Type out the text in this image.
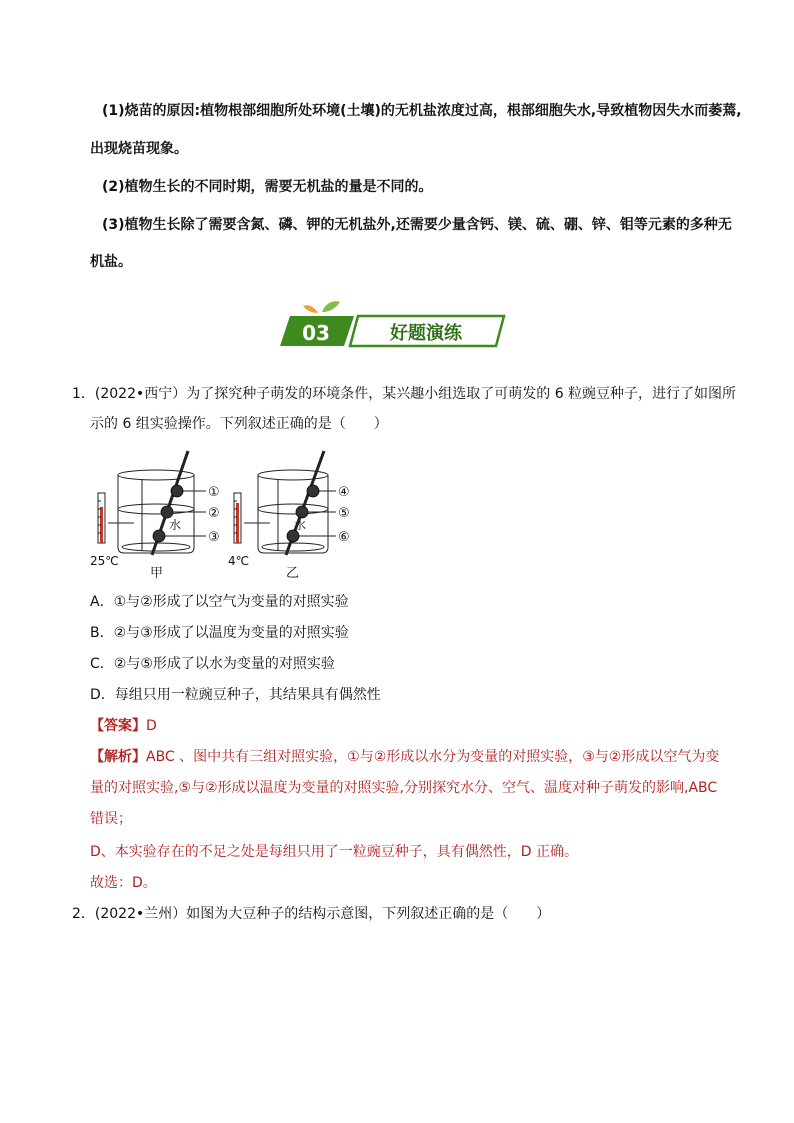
(1)烧苗的原因:植物根部细胞所处环境(土壤)的无机盐浓度过高，根部细胞失水,导致植物因失水而萎蔫,
出现烧苗现象。
(2)植物生长的不同时期，需要无机盐的量是不同的。
(3)植物生长除了需要含氮、磷、钾的无机盐外,还需要少量含钙、镁、硫、硼、锌、钼等元素的多种无
机盐。
03	好题演练
1．(2022•西宁）为了探究种子萌发的环境条件，某兴趣小组选取了可萌发的 6 粒豌豆种子，进行了如图所
示的 6 组实验操作。下列叙述正确的是（　　）
①
②
③
④
⑤
⑥
水	水
25℃	4℃
甲	乙
A．①与②形成了以空气为变量的对照实验
B．②与③形成了以温度为变量的对照实验
C．②与⑤形成了以水为变量的对照实验
D．每组只用一粒豌豆种子，其结果具有偶然性
【答案】D
【解析】ABC 、图中共有三组对照实验，①与②形成以水分为变量的对照实验，③与②形成以空气为变
量的对照实验,⑤与②形成以温度为变量的对照实验,分别探究水分、空气、温度对种子萌发的影响,ABC
错误；
D、本实验存在的不足之处是每组只用了一粒豌豆种子，具有偶然性，D 正确。
故选：D。
2．(2022•兰州）如图为大豆种子的结构示意图，下列叙述正确的是（　　）
